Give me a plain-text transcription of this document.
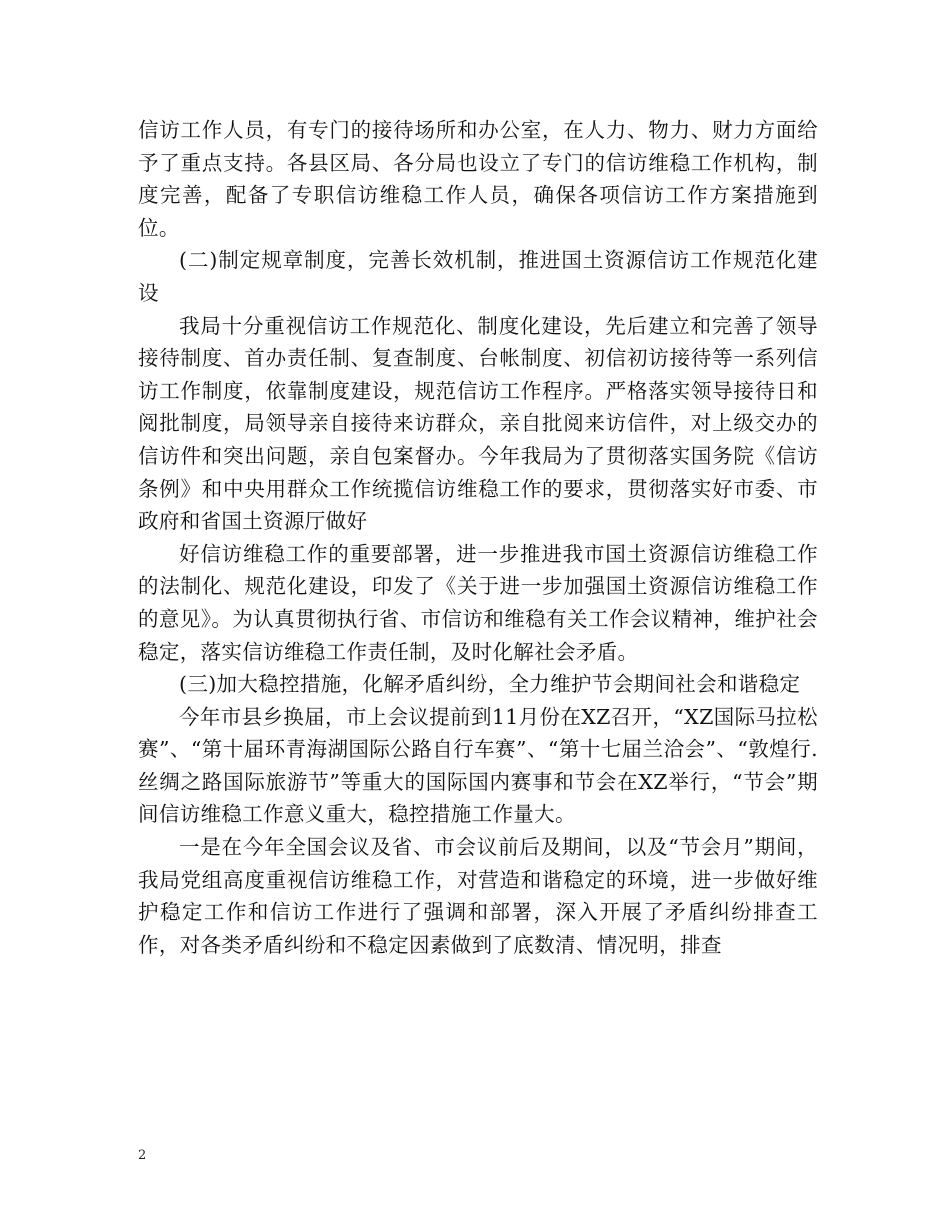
信访工作人员，有专门的接待场所和办公室，在人力、物力、财力方面给予了重点支持。各县区局、各分局也设立了专门的信访维稳工作机构，制度完善，配备了专职信访维稳工作人员，确保各项信访工作方案措施到位。

(二)制定规章制度，完善长效机制，推进国土资源信访工作规范化建设

我局十分重视信访工作规范化、制度化建设，先后建立和完善了领导接待制度、首办责任制、复查制度、台帐制度、初信初访接待等一系列信访工作制度，依靠制度建设，规范信访工作程序。严格落实领导接待日和阅批制度，局领导亲自接待来访群众，亲自批阅来访信件，对上级交办的信访件和突出问题，亲自包案督办。今年我局为了贯彻落实国务院《信访条例》和中央用群众工作统揽信访维稳工作的要求，贯彻落实好市委、市政府和省国土资源厅做好

好信访维稳工作的重要部署，进一步推进我市国土资源信访维稳工作的法制化、规范化建设，印发了《关于进一步加强国土资源信访维稳工作的意见》。为认真贯彻执行省、市信访和维稳有关工作会议精神，维护社会稳定，落实信访维稳工作责任制，及时化解社会矛盾。

(三)加大稳控措施，化解矛盾纠纷，全力维护节会期间社会和谐稳定

今年市县乡换届，市上会议提前到11月份在XZ召开，“XZ国际马拉松赛”、“第十届环青海湖国际公路自行车赛”、“第十七届兰洽会”、“敦煌行.丝绸之路国际旅游节”等重大的国际国内赛事和节会在XZ举行，“节会”期间信访维稳工作意义重大，稳控措施工作量大。

一是在今年全国会议及省、市会议前后及期间，以及“节会月”期间，我局党组高度重视信访维稳工作，对营造和谐稳定的环境，进一步做好维护稳定工作和信访工作进行了强调和部署，深入开展了矛盾纠纷排查工作，对各类矛盾纠纷和不稳定因素做到了底数清、情况明，排查

2
